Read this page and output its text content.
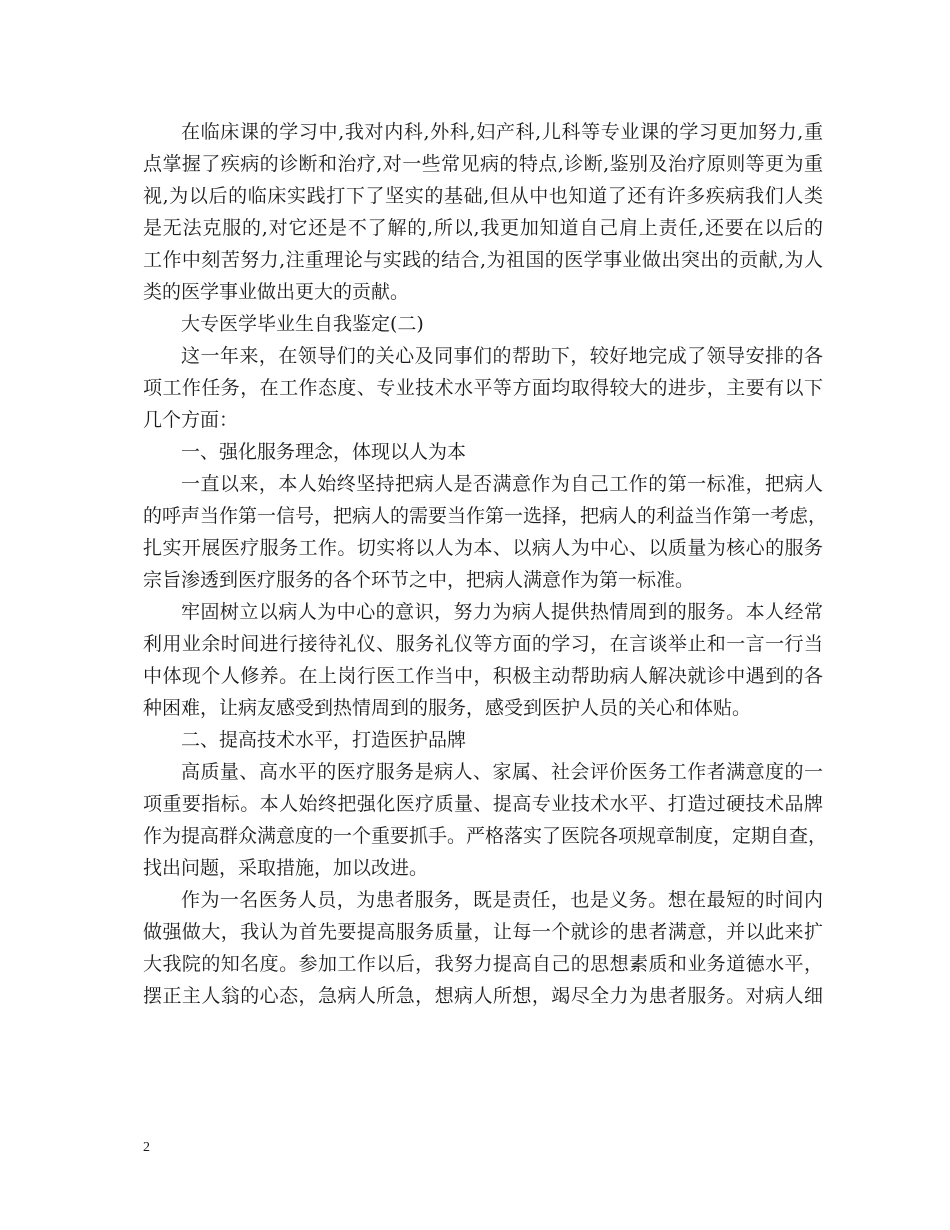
在临床课的学习中,我对内科,外科,妇产科,儿科等专业课的学习更加努力,重

点掌握了疾病的诊断和治疗,对一些常见病的特点,诊断,鉴别及治疗原则等更为重

视,为以后的临床实践打下了坚实的基础,但从中也知道了还有许多疾病我们人类

是无法克服的,对它还是不了解的,所以,我更加知道自己肩上责任,还要在以后的

工作中刻苦努力,注重理论与实践的结合,为祖国的医学事业做出突出的贡献,为人

类的医学事业做出更大的贡献。

大专医学毕业生自我鉴定(二)

这一年来，在领导们的关心及同事们的帮助下，较好地完成了领导安排的各

项工作任务，在工作态度、专业技术水平等方面均取得较大的进步，主要有以下

几个方面：

一、强化服务理念，体现以人为本

一直以来，本人始终坚持把病人是否满意作为自己工作的第一标准，把病人

的呼声当作第一信号，把病人的需要当作第一选择，把病人的利益当作第一考虑，

扎实开展医疗服务工作。切实将以人为本、以病人为中心、以质量为核心的服务

宗旨渗透到医疗服务的各个环节之中，把病人满意作为第一标准。

牢固树立以病人为中心的意识，努力为病人提供热情周到的服务。本人经常

利用业余时间进行接待礼仪、服务礼仪等方面的学习，在言谈举止和一言一行当

中体现个人修养。在上岗行医工作当中，积极主动帮助病人解决就诊中遇到的各

种困难，让病友感受到热情周到的服务，感受到医护人员的关心和体贴。

二、提高技术水平，打造医护品牌

高质量、高水平的医疗服务是病人、家属、社会评价医务工作者满意度的一

项重要指标。本人始终把强化医疗质量、提高专业技术水平、打造过硬技术品牌

作为提高群众满意度的一个重要抓手。严格落实了医院各项规章制度，定期自查，

找出问题，采取措施，加以改进。

作为一名医务人员，为患者服务，既是责任，也是义务。想在最短的时间内

做强做大，我认为首先要提高服务质量，让每一个就诊的患者满意，并以此来扩

大我院的知名度。参加工作以后，我努力提高自己的思想素质和业务道德水平，

摆正主人翁的心态，急病人所急，想病人所想，竭尽全力为患者服务。对病人细

2
